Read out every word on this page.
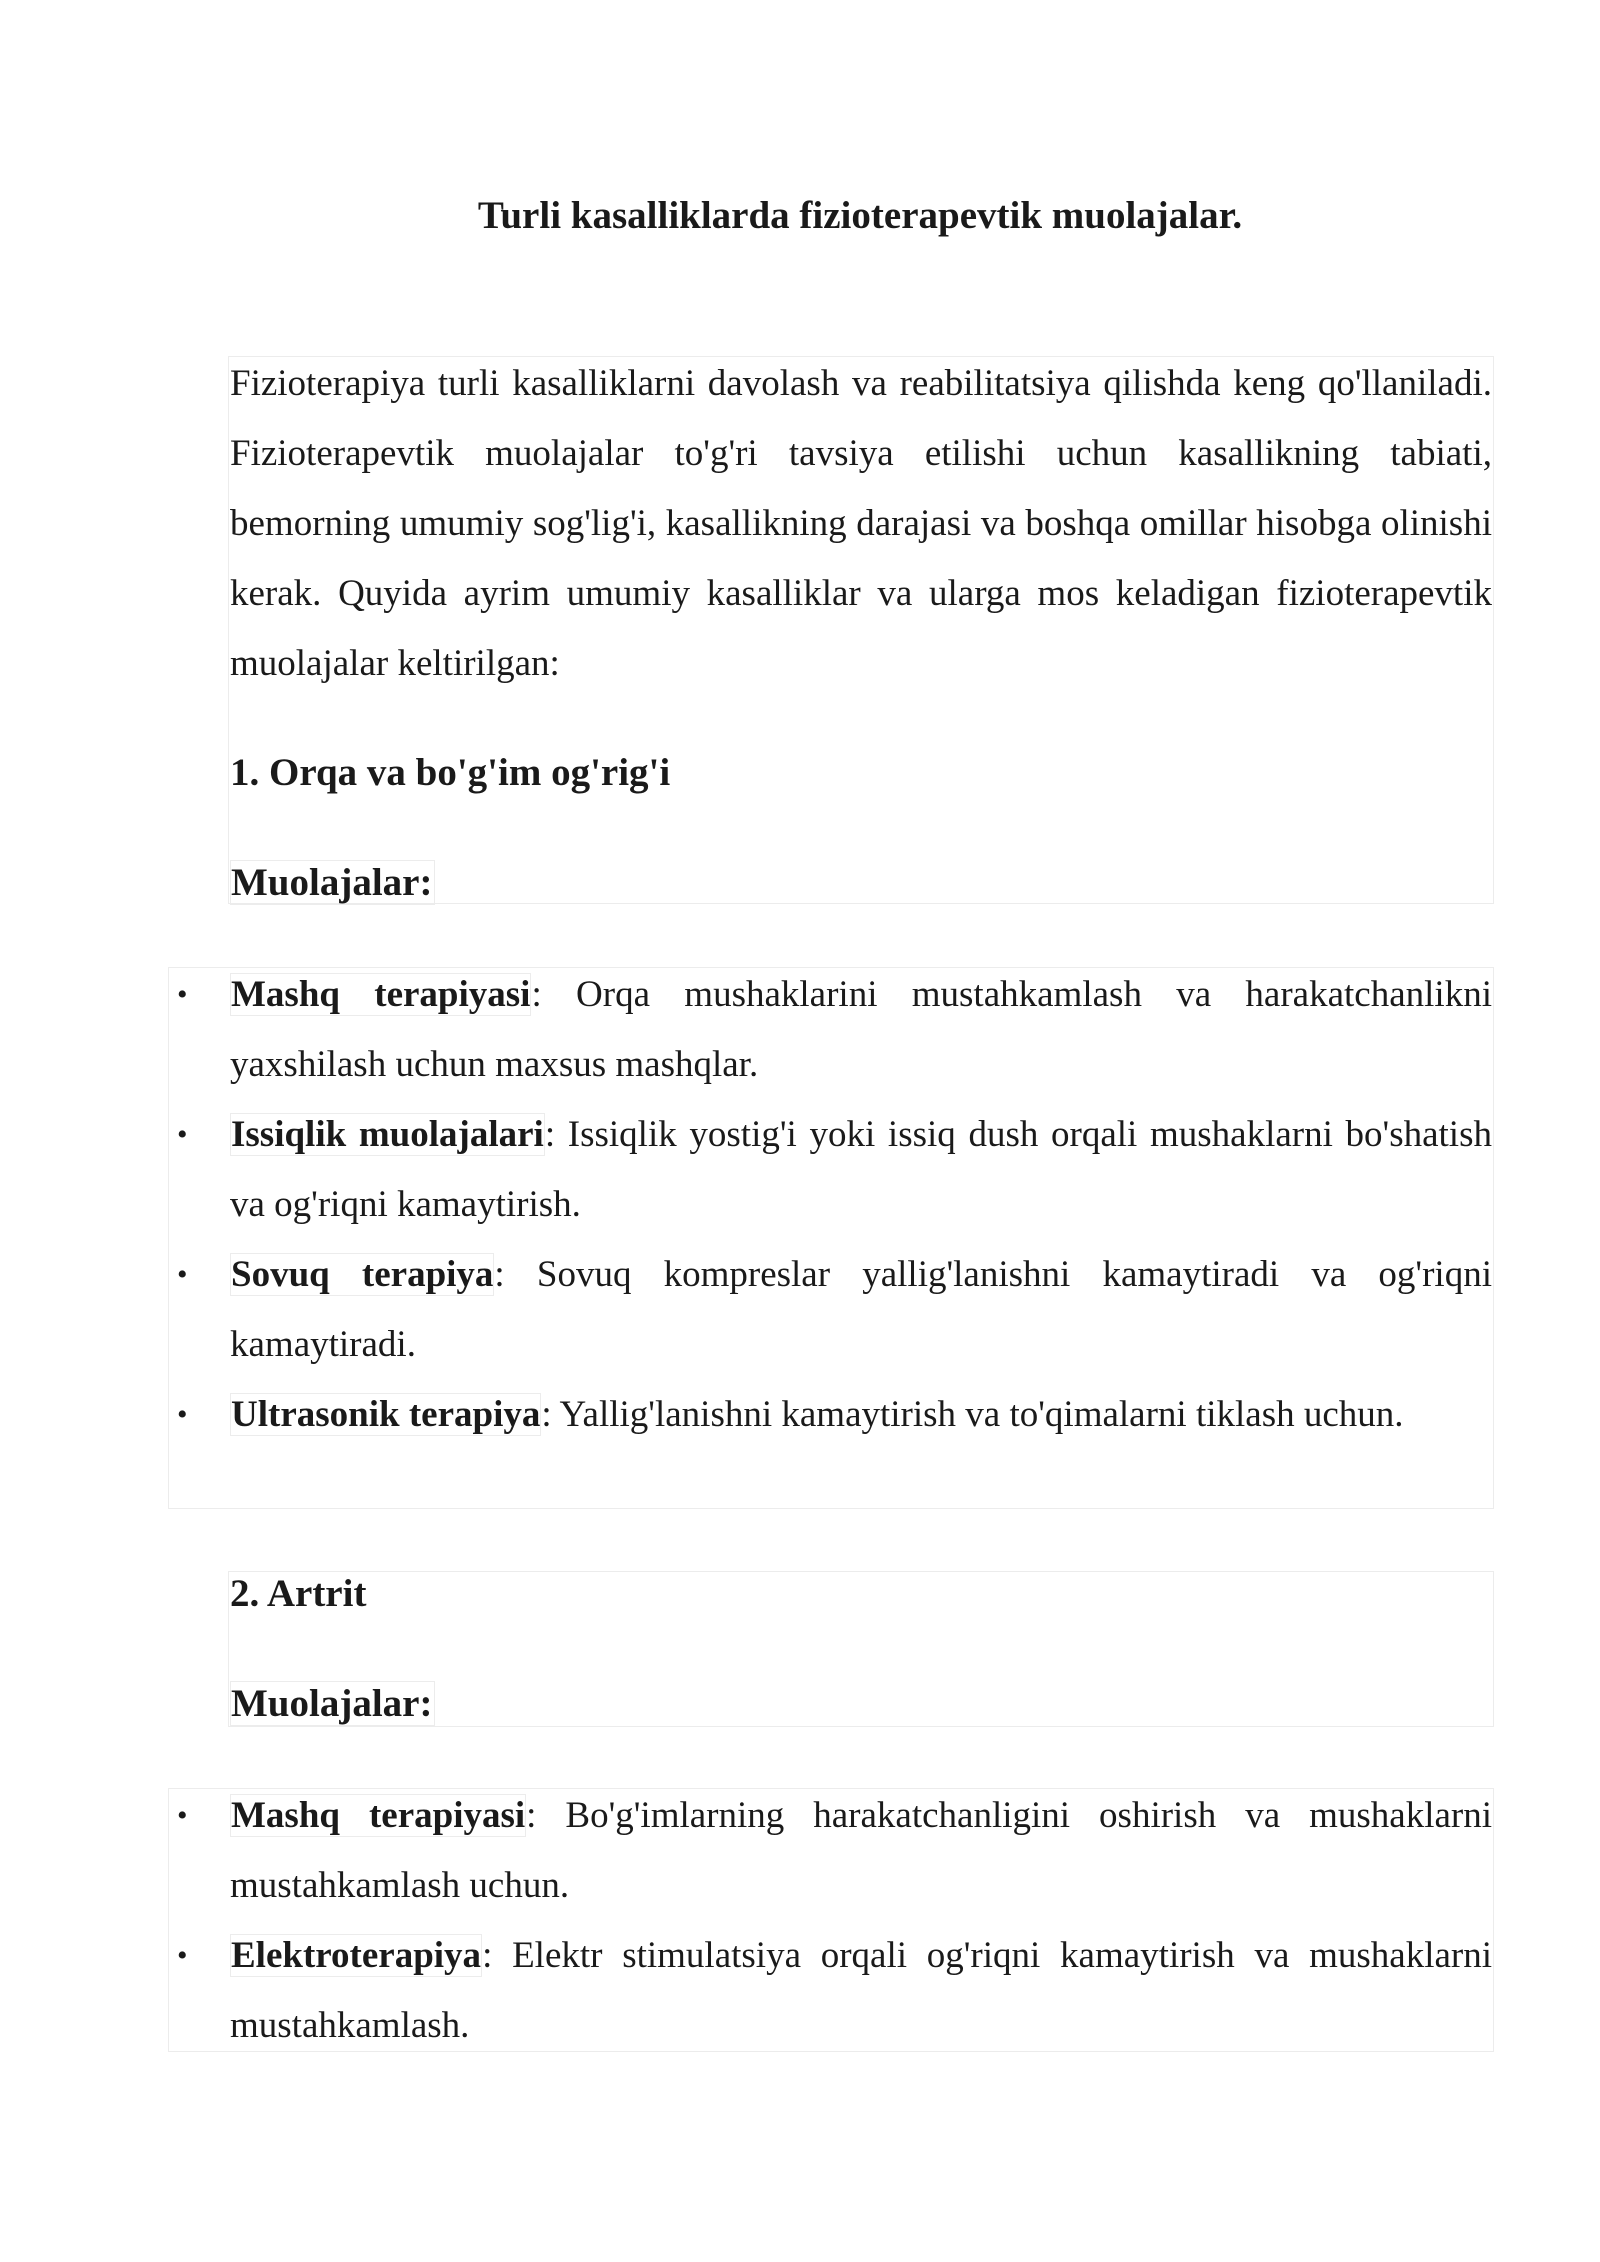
Turli kasalliklarda fizioterapevtik muolajalar.

Fizioterapiya turli kasalliklarni davolash va reabilitatsiya qilishda keng qo'llaniladi. Fizioterapevtik muolajalar to'g'ri tavsiya etilishi uchun kasallikning tabiati, bemorning umumiy sog'lig'i, kasallikning darajasi va boshqa omillar hisobga olinishi kerak. Quyida ayrim umumiy kasalliklar va ularga mos keladigan fizioterapevtik muolajalar keltirilgan:

1. Orqa va bo'g'im og'rig'i
Muolajalar:
• Mashq terapiyasi: Orqa mushaklarini mustahkamlash va harakatchanlikni yaxshilash uchun maxsus mashqlar.
• Issiqlik muolajalari: Issiqlik yostig'i yoki issiq dush orqali mushaklarni bo'shatish va og'riqni kamaytirish.
• Sovuq terapiya: Sovuq kompreslar yallig'lanishni kamaytiradi va og'riqni kamaytiradi.
• Ultrasonik terapiya: Yallig'lanishni kamaytirish va to'qimalarni tiklash uchun.
2. Artrit
Muolajalar:
• Mashq terapiyasi: Bo'g'imlarning harakatchanligini oshirish va mushaklarni mustahkamlash uchun.
• Elektroterapiya: Elektr stimulatsiya orqali og'riqni kamaytirish va mushaklarni mustahkamlash.
